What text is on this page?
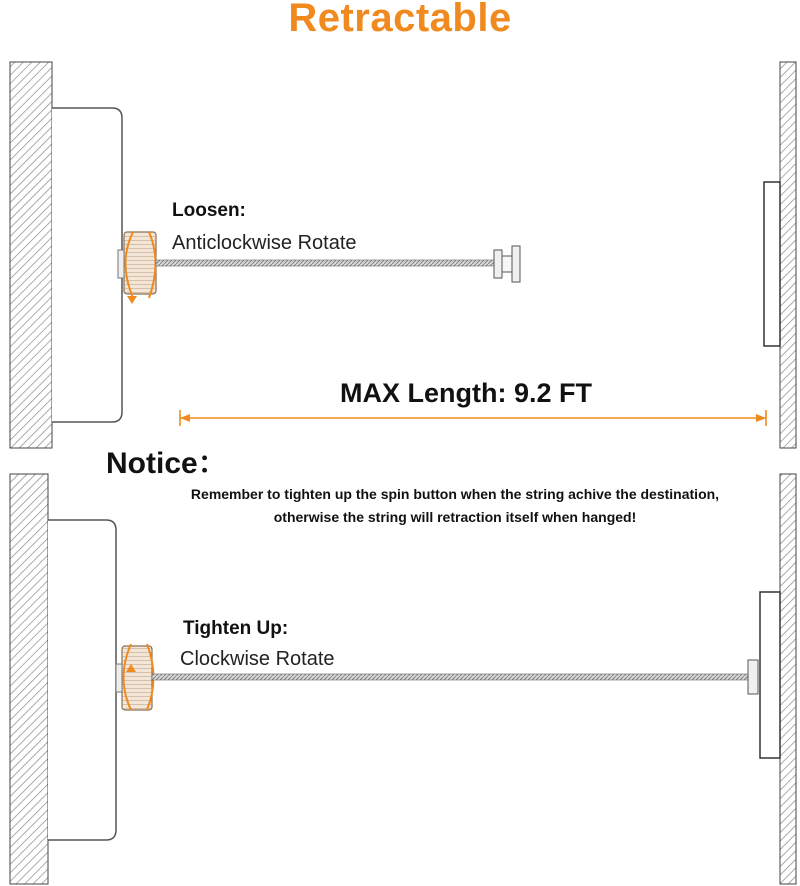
Retractable
Loosen:
Anticlockwise Rotate
MAX Length: 9.2 FT
Notice：
Remember to tighten up the spin button when the string achive the destination,
otherwise the string will retraction itself when hanged!
Tighten Up:
Clockwise Rotate
